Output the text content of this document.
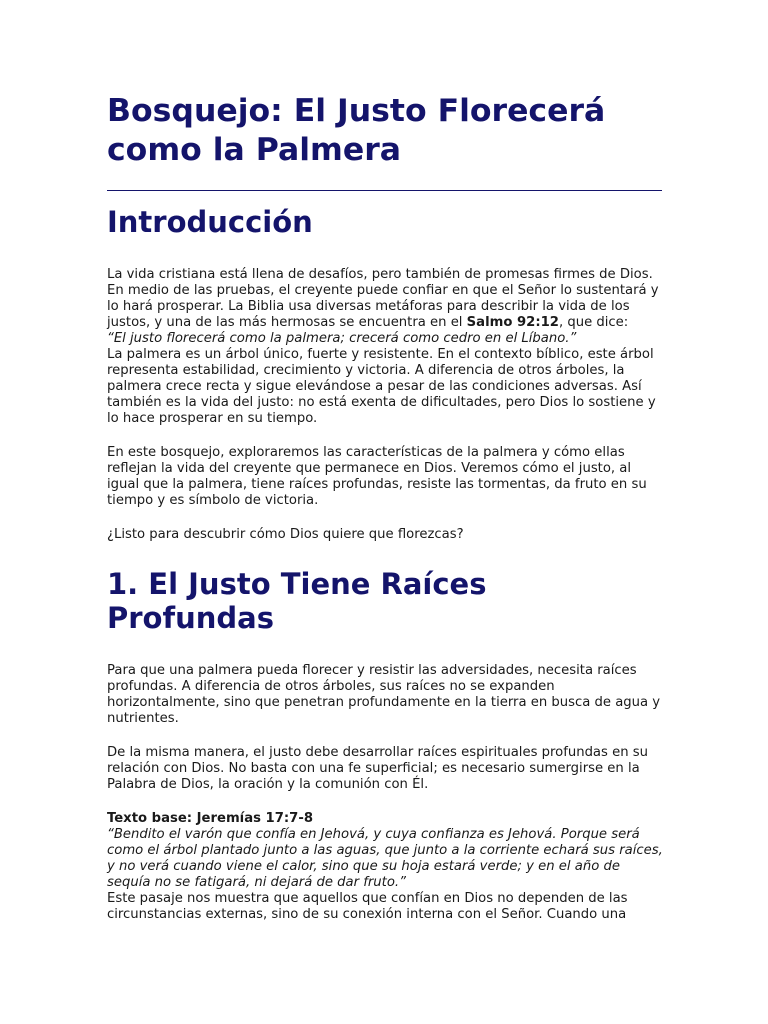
Bosquejo: El Justo Florecerá como la Palmera
Introducción

La vida cristiana está llena de desafíos, pero también de promesas firmes de Dios. En medio de las pruebas, el creyente puede confiar en que el Señor lo sustentará y lo hará prosperar. La Biblia usa diversas metáforas para describir la vida de los justos, y una de las más hermosas se encuentra en el Salmo 92:12, que dice:
“El justo florecerá como la palmera; crecerá como cedro en el Líbano.”
La palmera es un árbol único, fuerte y resistente. En el contexto bíblico, este árbol representa estabilidad, crecimiento y victoria. A diferencia de otros árboles, la palmera crece recta y sigue elevándose a pesar de las condiciones adversas. Así también es la vida del justo: no está exenta de dificultades, pero Dios lo sostiene y lo hace prosperar en su tiempo.

En este bosquejo, exploraremos las características de la palmera y cómo ellas reflejan la vida del creyente que permanece en Dios. Veremos cómo el justo, al igual que la palmera, tiene raíces profundas, resiste las tormentas, da fruto en su tiempo y es símbolo de victoria.

¿Listo para descubrir cómo Dios quiere que florezcas?

1. El Justo Tiene Raíces Profundas

Para que una palmera pueda florecer y resistir las adversidades, necesita raíces profundas. A diferencia de otros árboles, sus raíces no se expanden horizontalmente, sino que penetran profundamente en la tierra en busca de agua y nutrientes.

De la misma manera, el justo debe desarrollar raíces espirituales profundas en su relación con Dios. No basta con una fe superficial; es necesario sumergirse en la Palabra de Dios, la oración y la comunión con Él.

Texto base: Jeremías 17:7-8
“Bendito el varón que confía en Jehová, y cuya confianza es Jehová. Porque será como el árbol plantado junto a las aguas, que junto a la corriente echará sus raíces, y no verá cuando viene el calor, sino que su hoja estará verde; y en el año de sequía no se fatigará, ni dejará de dar fruto.”
Este pasaje nos muestra que aquellos que confían en Dios no dependen de las circunstancias externas, sino de su conexión interna con el Señor. Cuando una
